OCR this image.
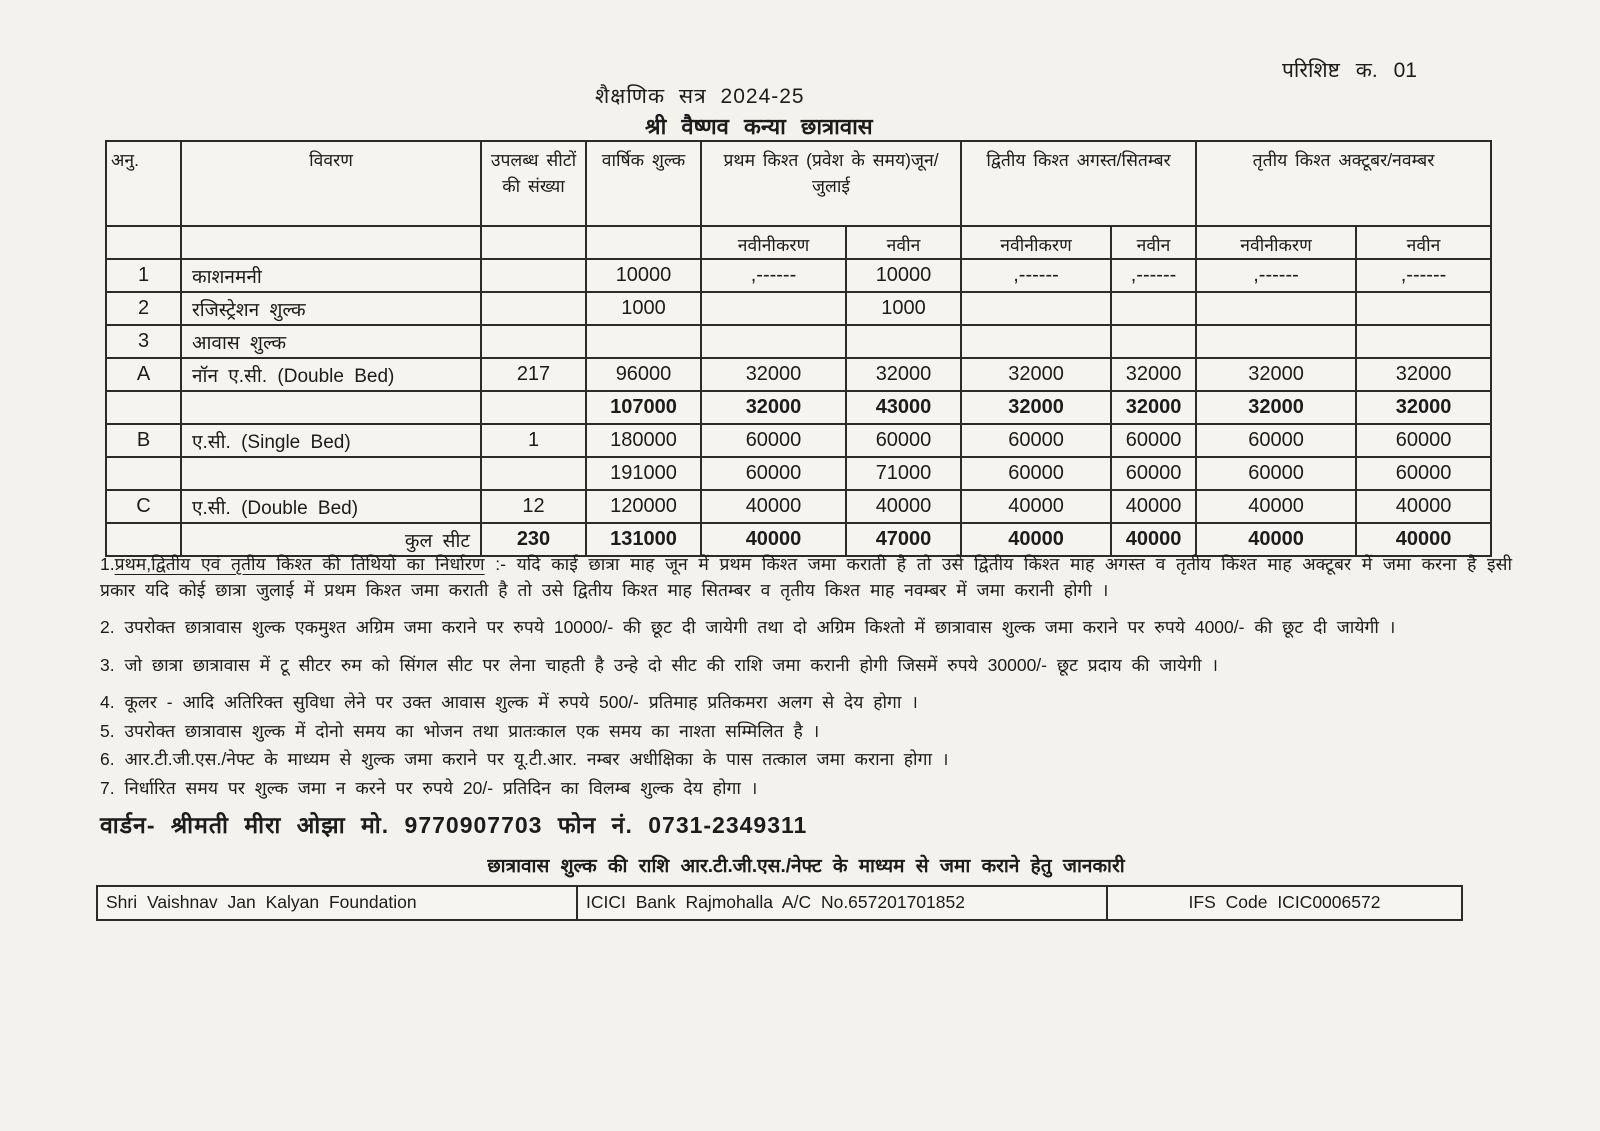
परिशिष्ट क. 01
शैक्षणिक सत्र 2024-25
श्री वैष्णव कन्या छात्रावास
अनु.	विवरण	उपलब्ध सीटों की संख्या	वार्षिक शुल्क	प्रथम किश्त (प्रवेश के समय)जून/जुलाई		द्वितीय किश्त अगस्त/सितम्बर		तृतीय किश्त अक्टूबर/नवम्बर	
				नवीनीकरण	नवीन	नवीनीकरण	नवीन	नवीनीकरण	नवीन
1	काशनमनी		10000	,------	10000	,------	,------	,------	,------
2	रजिस्ट्रेशन शुल्क		1000		1000				
3	आवास शुल्क								
A	नॉन ए.सी. (Double Bed)	217	96000	32000	32000	32000	32000	32000	32000
			107000	32000	43000	32000	32000	32000	32000
B	ए.सी. (Single Bed)	1	180000	60000	60000	60000	60000	60000	60000
			191000	60000	71000	60000	60000	60000	60000
C	ए.सी. (Double Bed)	12	120000	40000	40000	40000	40000	40000	40000
	कुल सीट	230	131000	40000	47000	40000	40000	40000	40000

1.प्रथम,द्वितीय एवं तृतीय किश्त की तिथियों का निर्धारण :- यदि काई छात्रा माह जून में प्रथम किश्त जमा कराती है तो उसे द्वितीय किश्त माह अगस्त व तृतीय किश्त माह अक्टूबर में जमा करना है इसी प्रकार यदि कोई छात्रा जुलाई में प्रथम किश्त जमा कराती है तो उसे द्वितीय किश्त माह सितम्बर व तृतीय किश्त माह नवम्बर में जमा करानी होगी ।

2. उपरोक्त छात्रावास शुल्क एकमुश्त अग्रिम जमा कराने पर रुपये 10000/- की छूट दी जायेगी तथा दो अग्रिम किश्तो में छात्रावास शुल्क जमा कराने पर रुपये 4000/- की छूट दी जायेगी ।

3. जो छात्रा छात्रावास में टू सीटर रुम को सिंगल सीट पर लेना चाहती है उन्हे दो सीट की राशि जमा करानी होगी जिसमें रुपये 30000/- छूट प्रदाय की जायेगी ।

4. कूलर - आदि अतिरिक्त सुविधा लेने पर उक्त आवास शुल्क में रुपये 500/- प्रतिमाह प्रतिकमरा अलग से देय होगा ।

5. उपरोक्त छात्रावास शुल्क में दोनो समय का भोजन तथा प्रातःकाल एक समय का नाश्ता सम्मिलित है ।

6. आर.टी.जी.एस./नेफ्ट के माध्यम से शुल्क जमा कराने पर यू.टी.आर. नम्बर अधीक्षिका के पास तत्काल जमा कराना होगा ।

7. निर्धारित समय पर शुल्क जमा न करने पर रुपये 20/- प्रतिदिन का विलम्ब शुल्क देय होगा ।

वार्डन- श्रीमती मीरा ओझा मो. 9770907703 फोन नं. 0731-2349311
छात्रावास शुल्क की राशि आर.टी.जी.एस./नेफ्ट के माध्यम से जमा कराने हेतु जानकारी
Shri Vaishnav Jan Kalyan Foundation	ICICI Bank Rajmohalla A/C No.657201701852	IFS Code ICIC0006572
